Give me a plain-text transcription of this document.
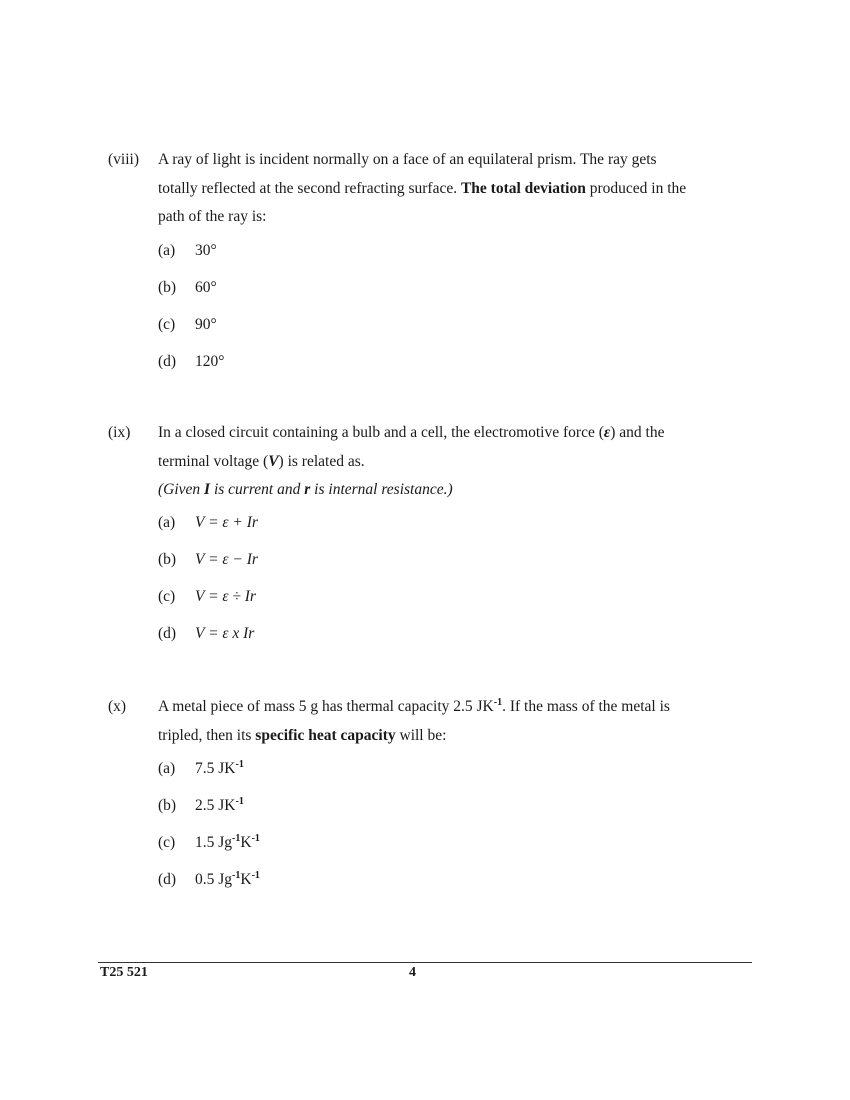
(viii) A ray of light is incident normally on a face of an equilateral prism. The ray gets totally reflected at the second refracting surface. The total deviation produced in the path of the ray is:
(a)	30°
(b)	60°
(c)	90°
(d)	120°
(ix) In a closed circuit containing a bulb and a cell, the electromotive force (ε) and the terminal voltage (V) is related as.
(Given I is current and r is internal resistance.)
(a)	V = ε + Ir
(b)	V = ε − Ir
(c)	V = ε ÷ Ir
(d)	V = ε x Ir
(x) A metal piece of mass 5 g has thermal capacity 2.5 $JK^{-1}$. If the mass of the metal is tripled, then its specific heat capacity will be:
(a)	7.5 $JK^{-1}$
(b)	2.5 $JK^{-1}$
(c)	1.5 $Jg^{-1}K^{-1}$
(d)	0.5 $Jg^{-1}K^{-1}$
T25 521	4
